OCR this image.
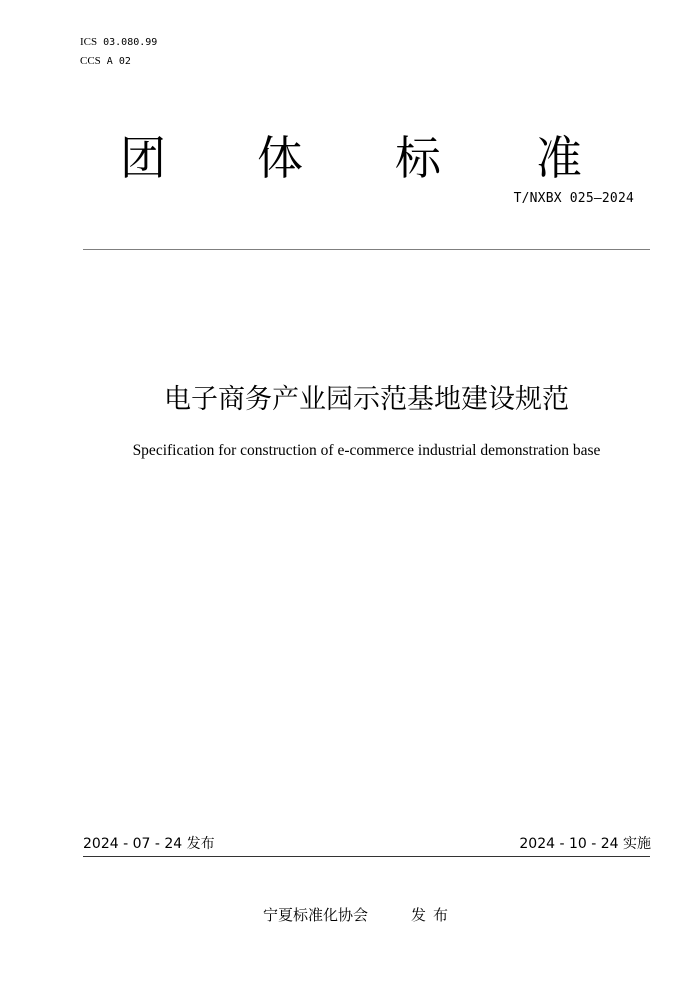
ICS 03.080.99
CCS A 02
团 体 标 准
T/NXBX 025—2024
电子商务产业园示范基地建设规范
Specification for construction of e-commerce industrial demonstration base
2024 - 07 - 24 发布	2024 - 10 - 24 实施
宁夏标准化协会	发布
